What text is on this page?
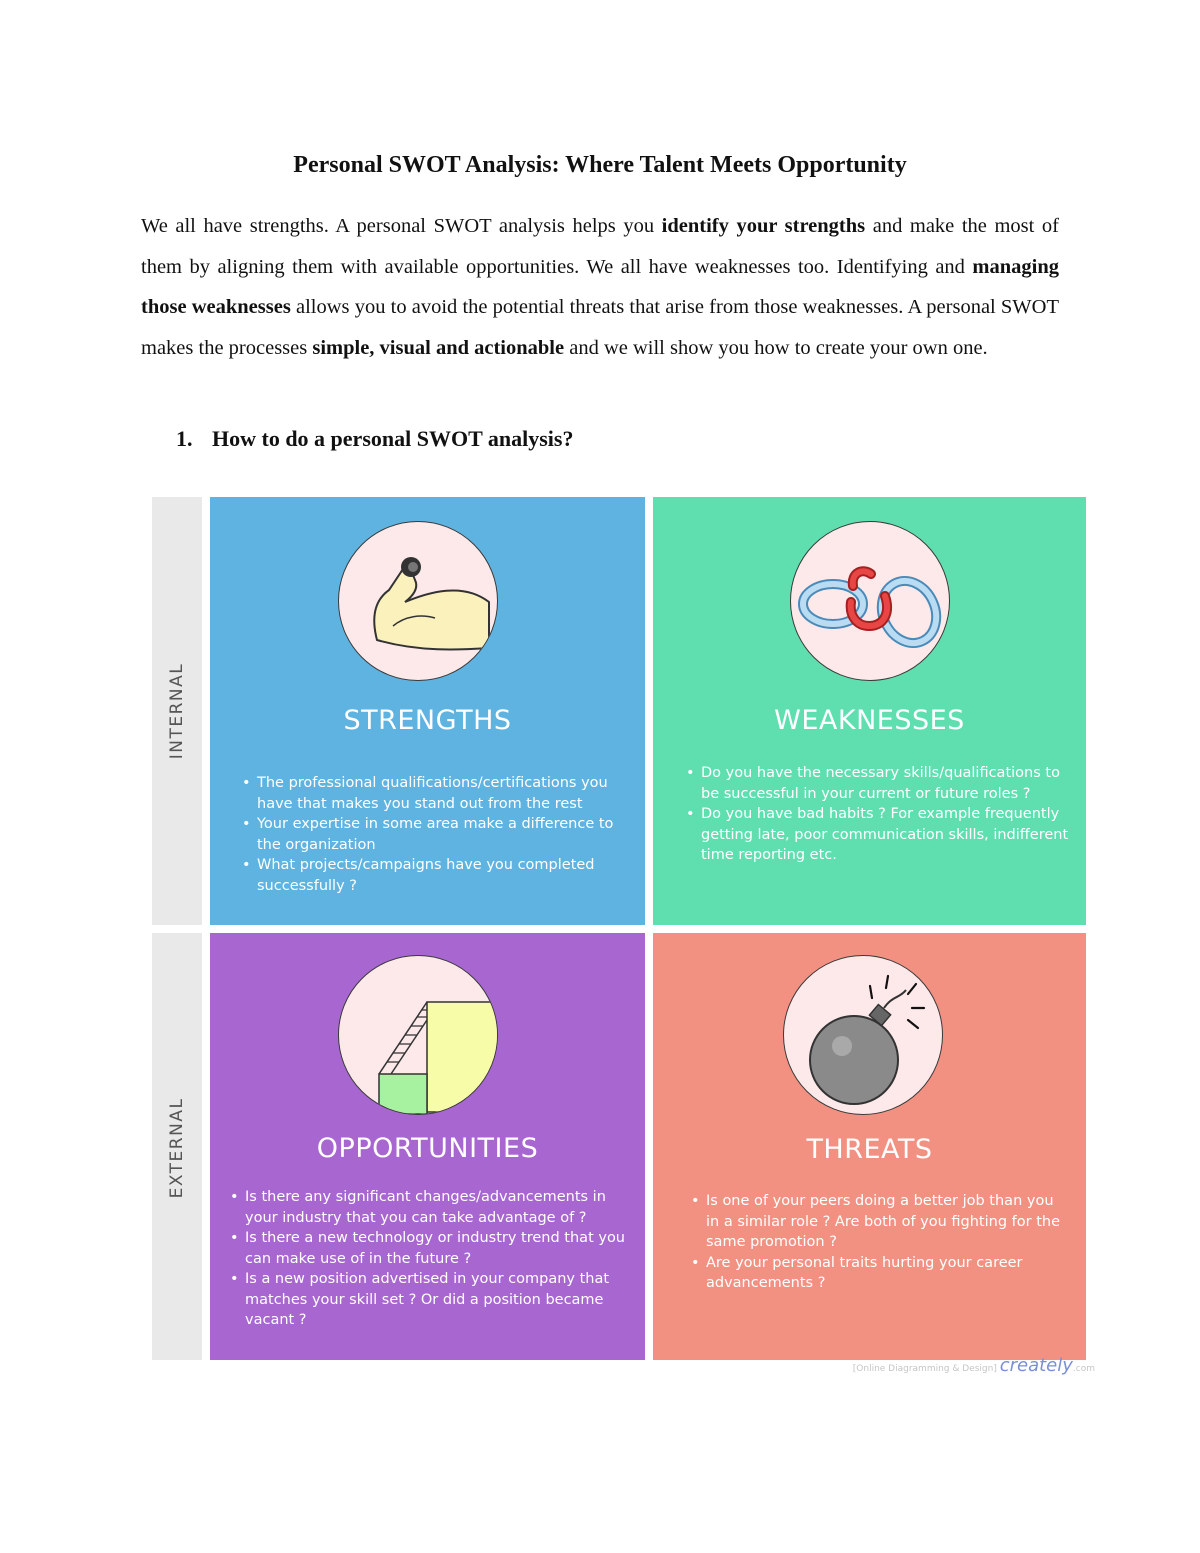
Personal SWOT Analysis: Where Talent Meets Opportunity

We all have strengths. A personal SWOT analysis helps you identify your strengths and make the most of them by aligning them with available opportunities. We all have weaknesses too. Identifying and managing those weaknesses allows you to avoid the potential threats that arise from those weaknesses. A personal SWOT makes the processes simple, visual and actionable and we will show you how to create your own one.

1. How to do a personal SWOT analysis?
INTERNAL
EXTERNAL
STRENGTHS
• The professional qualifications/certifications you have that makes you stand out from the rest
• Your expertise in some area make a difference to the organization
• What projects/campaigns have you completed successfully ?
WEAKNESSES
• Do you have the necessary skills/qualifications to be successful in your current or future roles ?
• Do you have bad habits ? For example frequently getting late, poor communication skills, indifferent time reporting etc.
OPPORTUNITIES
• Is there any significant changes/advancements in your industry that you can take advantage of ?
• Is there a new technology or industry trend that you can make use of in the future ?
• Is a new position advertised in your company that matches your skill set ? Or did a position became vacant ?
THREATS
• Is one of your peers doing a better job than you in a similar role ? Are both of you fighting for the same promotion ?
• Are your personal traits hurting your career advancements ?
[Online Diagramming & Design] creately.com
